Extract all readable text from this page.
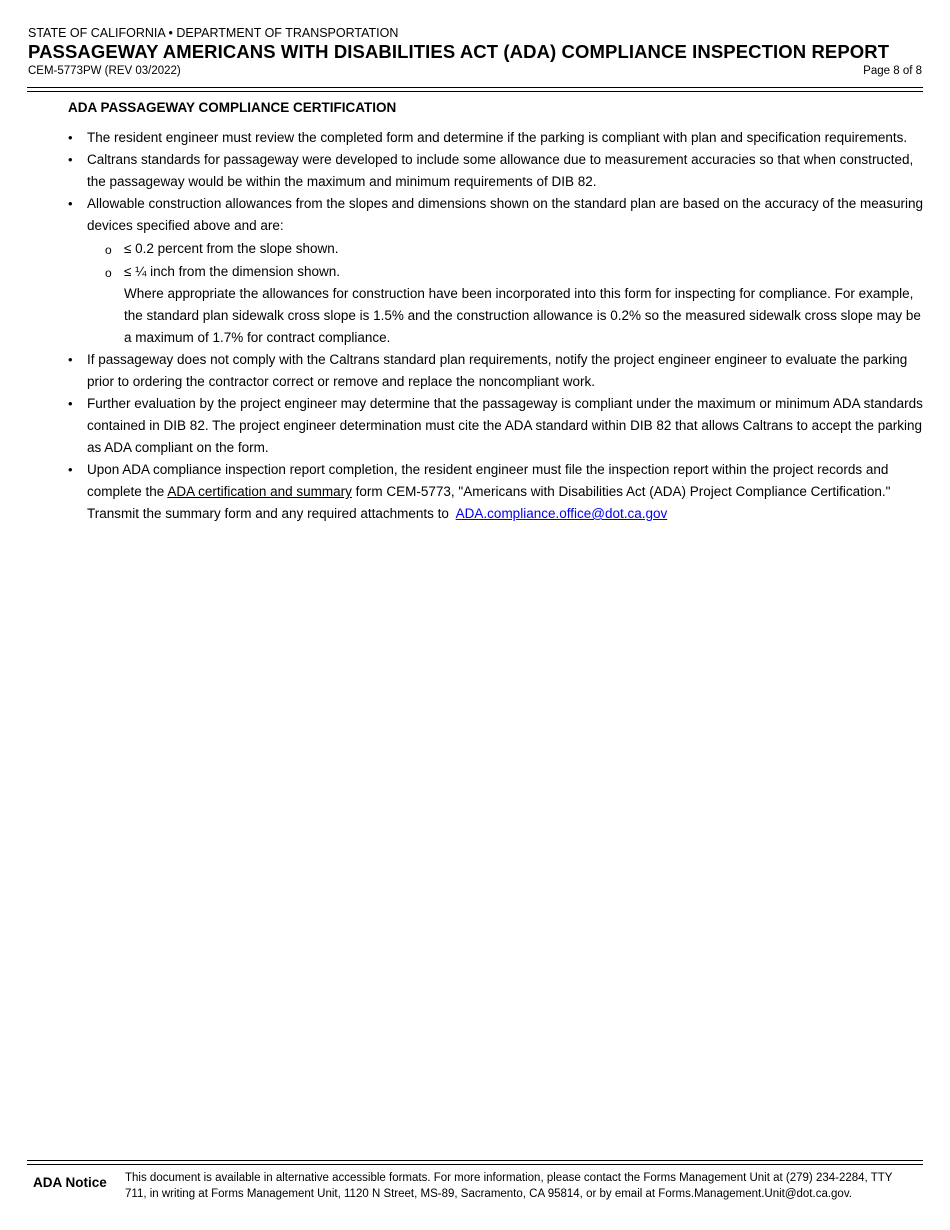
STATE OF CALIFORNIA • DEPARTMENT OF TRANSPORTATION
PASSAGEWAY AMERICANS WITH DISABILITIES ACT (ADA) COMPLIANCE INSPECTION REPORT
CEM-5773PW (REV 03/2022)	Page 8 of 8
ADA PASSAGEWAY COMPLIANCE CERTIFICATION
• The resident engineer must review the completed form and determine if the parking is compliant with plan and specification requirements.
• Caltrans standards for passageway were developed to include some allowance due to measurement accuracies so that when constructed, the passageway would be within the maximum and minimum requirements of DIB 82.
• Allowable construction allowances from the slopes and dimensions shown on the standard plan are based on the accuracy of the measuring devices specified above and are:
o ≤ 0.2 percent from the slope shown.
o ≤ ¼ inch from the dimension shown.
Where appropriate the allowances for construction have been incorporated into this form for inspecting for compliance. For example, the standard plan sidewalk cross slope is 1.5% and the construction allowance is 0.2% so the measured sidewalk cross slope may be a maximum of 1.7% for contract compliance.
• If passageway does not comply with the Caltrans standard plan requirements, notify the project engineer engineer to evaluate the parking prior to ordering the contractor correct or remove and replace the noncompliant work.
• Further evaluation by the project engineer may determine that the passageway is compliant under the maximum or minimum ADA standards contained in DIB 82. The project engineer determination must cite the ADA standard within DIB 82 that allows Caltrans to accept the parking as ADA compliant on the form.
• Upon ADA compliance inspection report completion, the resident engineer must file the inspection report within the project records and complete the ADA certification and summary form CEM-5773, "Americans with Disabilities Act (ADA) Project Compliance Certification." Transmit the summary form and any required attachments to ADA.compliance.office@dot.ca.gov
ADA Notice This document is available in alternative accessible formats. For more information, please contact the Forms Management Unit at (279) 234-2284, TTY 711, in writing at Forms Management Unit, 1120 N Street, MS-89, Sacramento, CA 95814, or by email at Forms.Management.Unit@dot.ca.gov.
